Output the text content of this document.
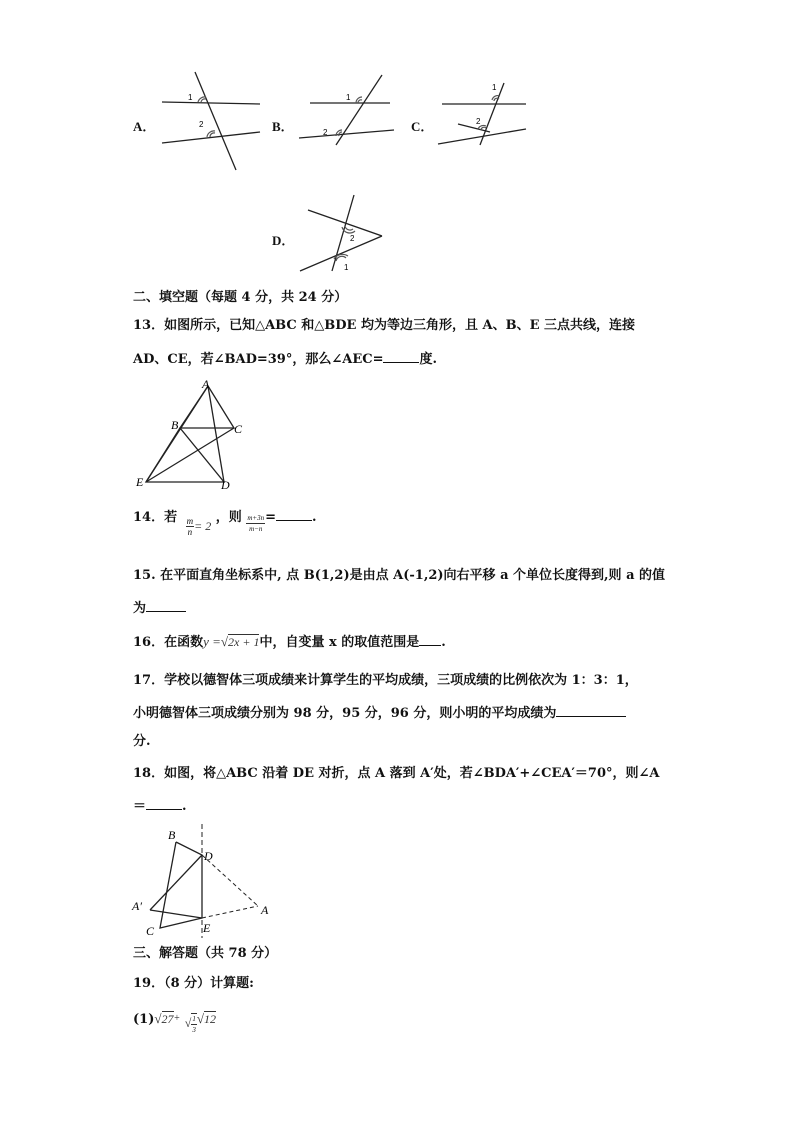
A．
1
2	B．
1
2	C．
1
2
D．	2
1
二、填空题（每题 4 分，共 24 分）
13．如图所示，已知△ABC 和△BDE 均为等边三角形，且 A、B、E 三点共线，连接
AD、CE，若∠BAD=39°，那么∠AEC=	度.
A
B	C
D
E
14．若 $\frac{m}{n} = 2$ ，则 $\frac{m+3n}{m-n}$ =	.
15. 在平面直角坐标系中, 点 B(1,2)是由点 A(-1,2)向右平移 a 个单位长度得到,则 a 的值
为
16．在函数y =√2x + 1中，自变量 x 的取值范围是 .
17．学校以德智体三项成绩来计算学生的平均成绩，三项成绩的比例依次为 1：3：1，
小明德智体三项成绩分别为 98 分，95 分，96 分，则小明的平均成绩为
分.
18．如图，将△ABC 沿着 DE 对折，点 A 落到 A′处，若∠BDA′+∠CEA′＝70°，则∠A
＝	.
B
D
A′	A
E
C
三、解答题（共 78 分）
19．（8 分）计算题:
(1)√27+ √ $\frac{1}{3} √12$
